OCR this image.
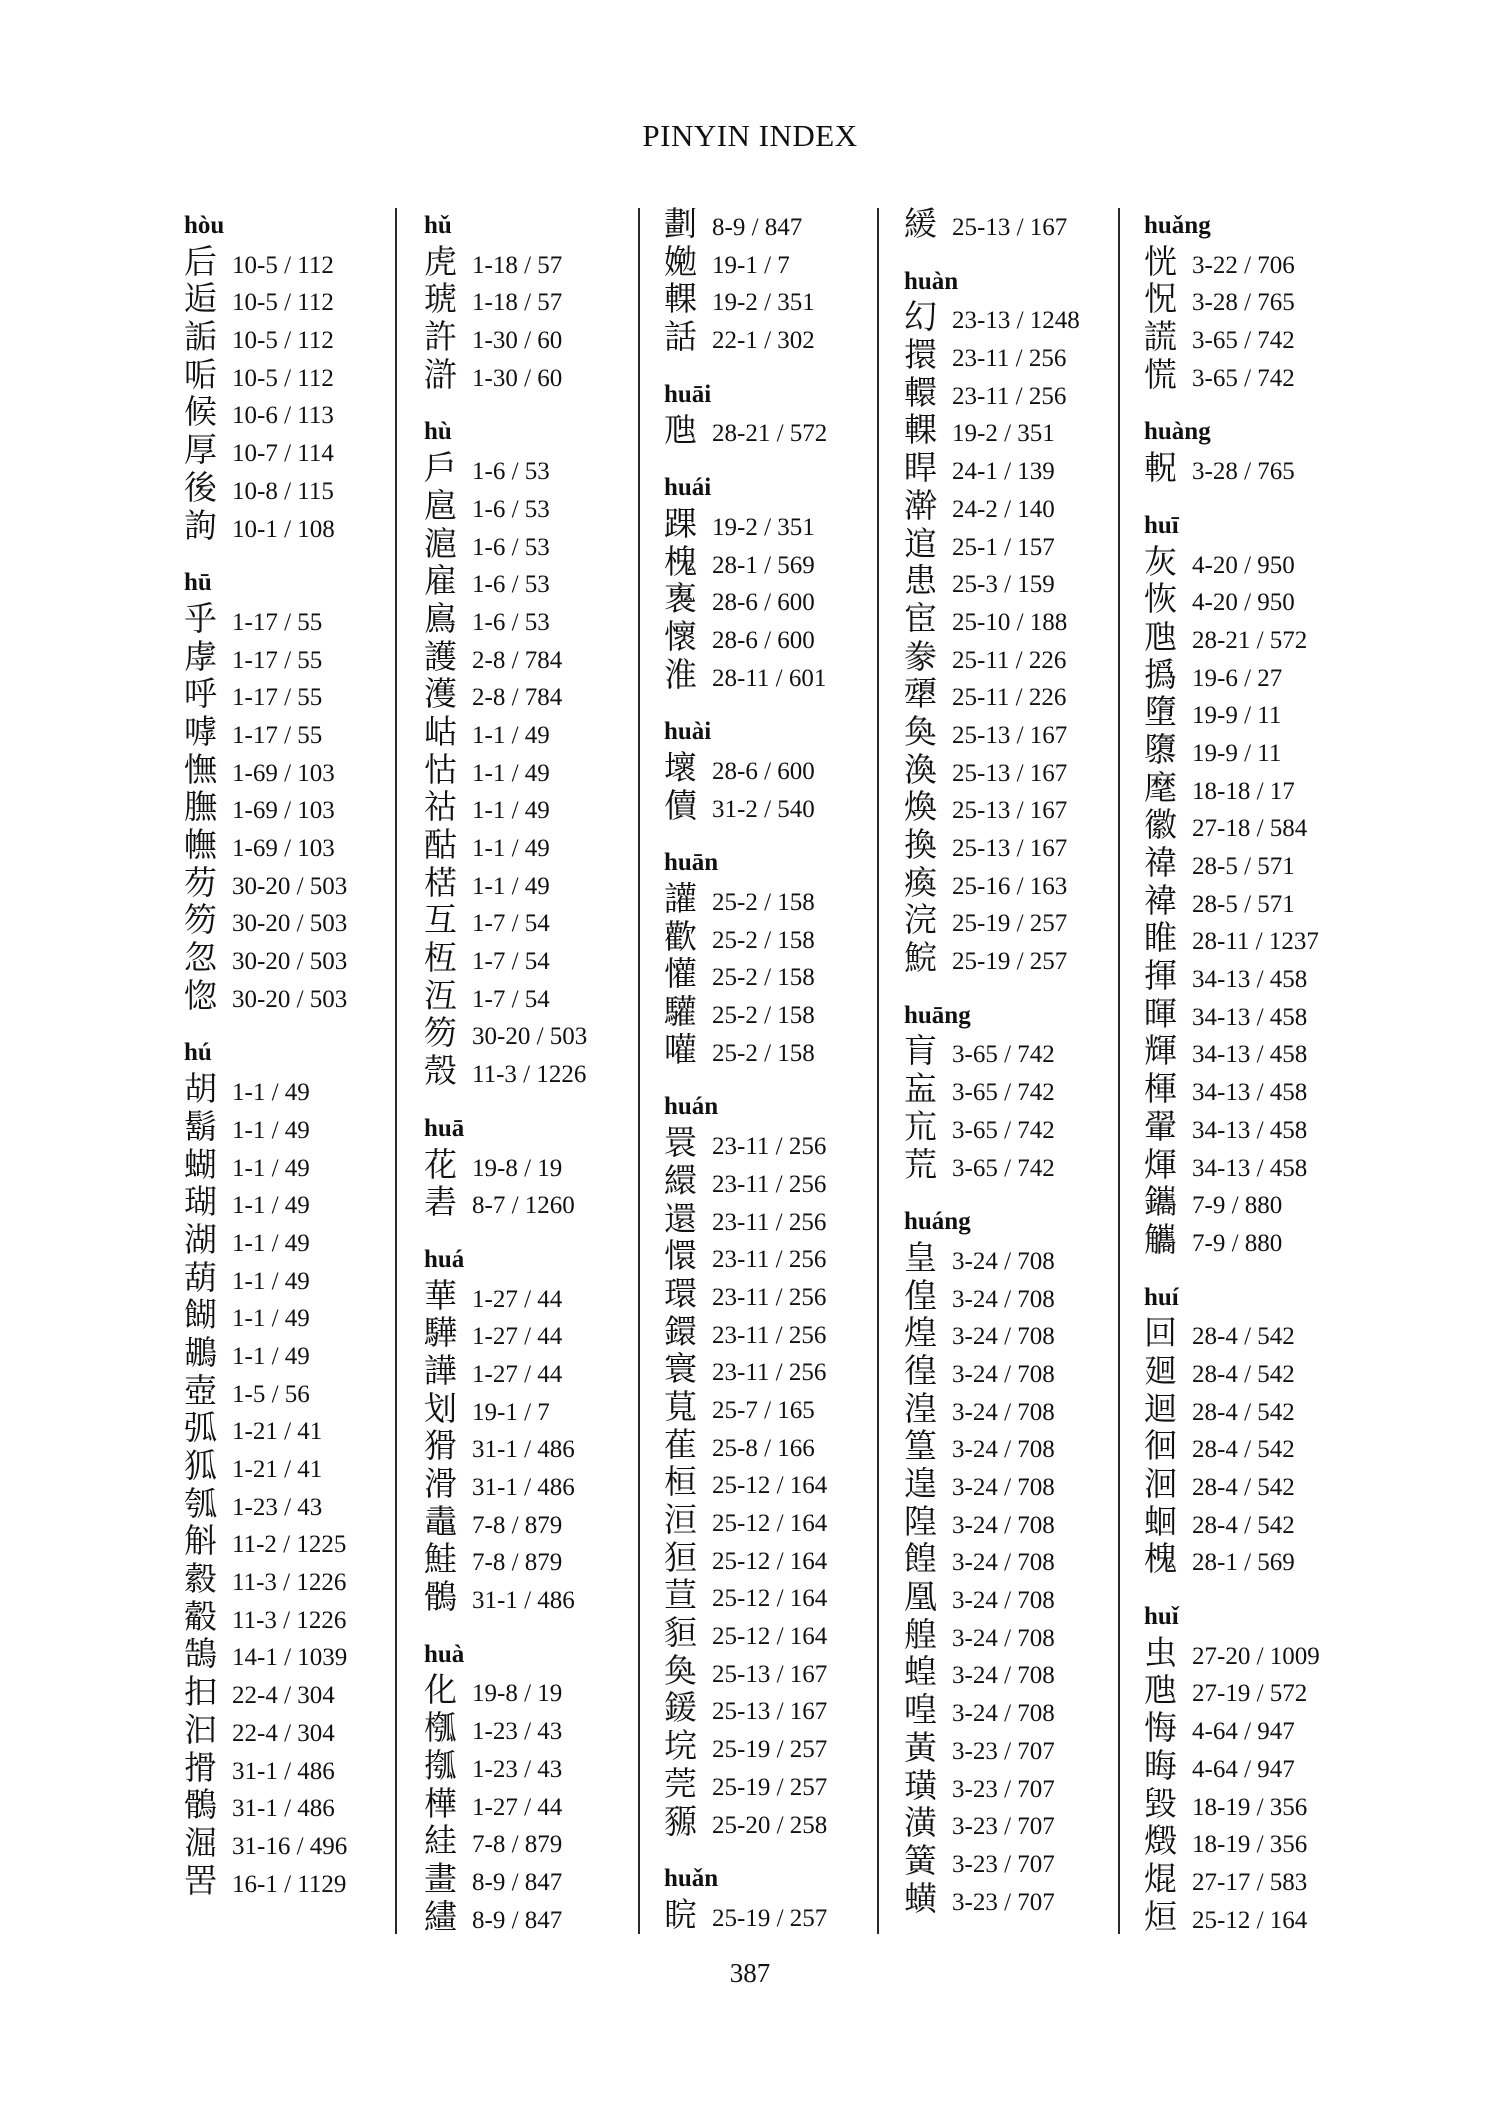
PINYIN INDEX
hòu
后 10-5 / 112
逅 10-5 / 112
詬 10-5 / 112
㖃 10-5 / 112
候 10-6 / 113
厚 10-7 / 114
後 10-8 / 115
訽 10-1 / 108
hū
乎 1-17 / 55
虖 1-17 / 55
呼 1-17 / 55
嘑 1-17 / 55
憮 1-69 / 103
膴 1-69 / 103
幠 1-69 / 103
芴 30-20 / 503
笏 30-20 / 503
忽 30-20 / 503
惚 30-20 / 503
hú
胡 1-1 / 49
鬍 1-1 / 49
蝴 1-1 / 49
瑚 1-1 / 49
湖 1-1 / 49
葫 1-1 / 49
餬 1-1 / 49
鶘 1-1 / 49
壺 1-5 / 56
弧 1-21 / 41
狐 1-21 / 41
瓠 1-23 / 43
斛 11-2 / 1225
縠 11-3 / 1226
觳 11-3 / 1226
鵠 14-1 / 1039
抇 22-4 / 304
汩 22-4 / 304
搰 31-1 / 486
鶻 31-1 / 486
淈 31-16 / 496
罟 16-1 / 1129
hǔ
虎 1-18 / 57
琥 1-18 / 57
許 1-30 / 60
滸 1-30 / 60
hù
戶 1-6 / 53
扈 1-6 / 53
滬 1-6 / 53
雇 1-6 / 53
鳸 1-6 / 53
護 2-8 / 784
濩 2-8 / 784
岵 1-1 / 49
怙 1-1 / 49
祜 1-1 / 49
酤 1-1 / 49
楛 1-1 / 49
互 1-7 / 54
枑 1-7 / 54
沍 1-7 / 54
笏 30-20 / 503
殼 11-3 / 1226
huā
花 19-8 / 19
砉 8-7 / 1260
huá
華 1-27 / 44
驊 1-27 / 44
譁 1-27 / 44
划 19-1 / 7
猾 31-1 / 486
滑 31-1 / 486
鼃 7-8 / 879
鮭 7-8 / 879
鶻 31-1 / 486
huà
化 19-8 / 19
槬 1-23 / 43
摦 1-23 / 43
樺 1-27 / 44
絓 7-8 / 879
畫 8-9 / 847
繣 8-9 / 847
劃 8-9 / 847
㛯 19-1 / 7
輠 19-2 / 351
話 22-1 / 302
huāi
虺 28-21 / 572
huái
踝 19-2 / 351
槐 28-1 / 569
褢 28-6 / 600
懷 28-6 / 600
淮 28-11 / 601
huài
壞 28-6 / 600
儥 31-2 / 540
huān
讙 25-2 / 158
歡 25-2 / 158
懽 25-2 / 158
驩 25-2 / 158
嚾 25-2 / 158
huán
睘 23-11 / 256
繯 23-11 / 256
還 23-11 / 256
懁 23-11 / 256
環 23-11 / 256
鐶 23-11 / 256
寰 23-11 / 256
萈 25-7 / 165
萑 25-8 / 166
桓 25-12 / 164
洹 25-12 / 164
狟 25-12 / 164
荁 25-12 / 164
貆 25-12 / 164
奐 25-13 / 167
鍰 25-13 / 167
垸 25-19 / 257
莞 25-19 / 257
豲 25-20 / 258
huǎn
睆 25-19 / 257
緩 25-13 / 167
huàn
幻 23-13 / 1248
擐 23-11 / 256
轘 23-11 / 256
輠 19-2 / 351
睅 24-1 / 139
澣 24-2 / 140
逭 25-1 / 157
患 25-3 / 159
宦 25-10 / 188
豢 25-11 / 226
㹕 25-11 / 226
奐 25-13 / 167
渙 25-13 / 167
煥 25-13 / 167
換 25-13 / 167
瘓 25-16 / 163
浣 25-19 / 257
鯇 25-19 / 257
huāng
肓 3-65 / 742
衁 3-65 / 742
巟 3-65 / 742
荒 3-65 / 742
huáng
皇 3-24 / 708
偟 3-24 / 708
煌 3-24 / 708
徨 3-24 / 708
湟 3-24 / 708
篁 3-24 / 708
遑 3-24 / 708
隍 3-24 / 708
餭 3-24 / 708
凰 3-24 / 708
艎 3-24 / 708
蝗 3-24 / 708
喤 3-24 / 708
黃 3-23 / 707
璜 3-23 / 707
潢 3-23 / 707
簧 3-23 / 707
蟥 3-23 / 707
huǎng
恍 3-22 / 706
怳 3-28 / 765
謊 3-65 / 742
慌 3-65 / 742
huàng
軦 3-28 / 765
huī
灰 4-20 / 950
恢 4-20 / 950
虺 28-21 / 572
撝 19-6 / 27
墮 19-9 / 11
隳 19-9 / 11
麾 18-18 / 17
徽 27-18 / 584
禕 28-5 / 571
褘 28-5 / 571
睢 28-11 / 1237
揮 34-13 / 458
暉 34-13 / 458
輝 34-13 / 458
楎 34-13 / 458
翬 34-13 / 458
煇 34-13 / 458
鑴 7-9 / 880
觿 7-9 / 880
huí
回 28-4 / 542
廻 28-4 / 542
迴 28-4 / 542
徊 28-4 / 542
洄 28-4 / 542
蛔 28-4 / 542
槐 28-1 / 569
huǐ
虫 27-20 / 1009
虺 27-19 / 572
悔 4-64 / 947
晦 4-64 / 947
毀 18-19 / 356
燬 18-19 / 356
焜 27-17 / 583
烜 25-12 / 164
387
